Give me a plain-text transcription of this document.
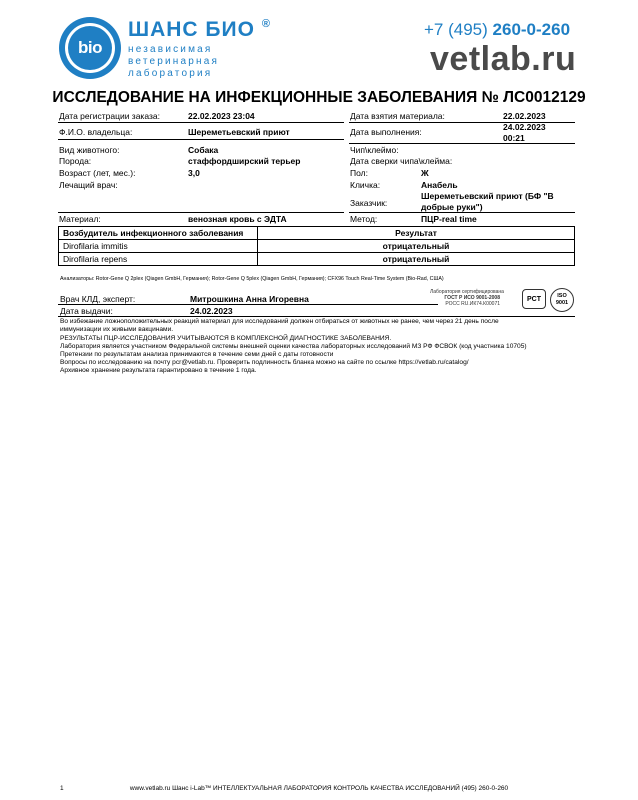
bio
ШАНС БИО ®
независимая
ветеринарная
лаборатория
+7 (495) 260-0-260
vetlab.ru
ИССЛЕДОВАНИЕ НА ИНФЕКЦИОННЫЕ ЗАБОЛЕВАНИЯ № ЛС0012129
Дата регистрации заказа:	22.02.2023 23:04
Ф.И.О. владельца:	Шереметьевский приют
Вид животного:	Собака
Порода:	стаффордширский терьер
Возраст (лет, мес.):	3,0
Лечащий врач:
Материал:	венозная кровь с ЭДТА
Дата взятия материала:	22.02.2023
Дата выполнения:	24.02.2023
00:21
Чип\клеймо:
Дата сверки чипа\клейма:
Пол:	Ж
Кличка:	Анабель
Заказчик:
Шереметьевский приют (БФ "В
добрые руки")
Метод:	ПЦР-real time
Возбудитель инфекционного заболевания	Результат
Dirofilaria immitis	отрицательный
Dirofilaria repens	отрицательный
Анализаторы: Rotor-Gene Q 2plex (Qiagen GmbH, Германия); Rotor-Gene Q 5plex (Qiagen GmbH, Германия); CFX96 Touch Real-Time System (Bio-Rad, США)
Лаборатория сертифицирована
ГОСТ Р ИСО 9001-2008
РОСС RU.ИК74.К00071
PCT	ISO
9001
Врач КЛД, эксперт:	Митрошкина Анна Игоревна
Дата выдачи:	24.02.2023
Во избежание ложноположительных реакций материал для исследований должен отбираться от животных не ранее, чем через 21 день после
иммунизации их живыми вакцинами.
РЕЗУЛЬТАТЫ ПЦР-ИССЛЕДОВАНИЯ УЧИТЫВАЮТСЯ В КОМПЛЕКСНОЙ ДИАГНОСТИКЕ ЗАБОЛЕВАНИЯ.
Лаборатория является участником Федеральной системы внешней оценки качества лабораторных исследований МЗ РФ ФСВОК (код участника 10705)
Претензии по результатам анализа принимаются в течение семи дней с даты готовности
Вопросы по исследованию на почту pcr@vetlab.ru. Проверить подлинность бланка можно на сайте по ссылке https://vetlab.ru/catalog/
Архивное хранение результата гарантировано в течение 1 года.
1	www.vetlab.ru Шанс i-Lab™ ИНТЕЛЛЕКТУАЛЬНАЯ ЛАБОРАТОРИЯ КОНТРОЛЬ КАЧЕСТВА ИССЛЕДОВАНИЙ (495) 260-0-260
